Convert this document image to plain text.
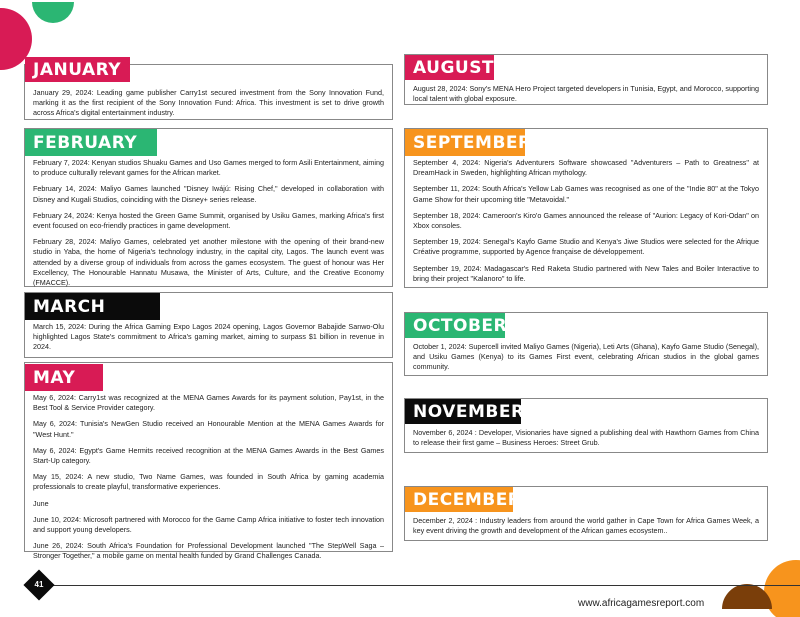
January 29, 2024: Leading game publisher Carry1st secured investment from the Sony Innovation Fund, marking it as the first recipient of the Sony Innovation Fund: Africa. This investment is set to drive growth across Africa's digital entertainment industry.

JANUARY

February 7, 2024: Kenyan studios Shuaku Games and Uso Games merged to form Asili Entertainment, aiming to produce culturally relevant games for the African market.

February 14, 2024: Maliyo Games launched "Disney Iwájú: Rising Chef," developed in collaboration with Disney and Kugali Studios, coinciding with the Disney+ series release.

February 24, 2024: Kenya hosted the Green Game Summit, organised by Usiku Games, marking Africa's first event focused on eco-friendly practices in game development.

February 28, 2024: Maliyo Games, celebrated yet another milestone with the opening of their brand-new studio in Yaba, the home of Nigeria's technology industry, in the capital city, Lagos. The launch event was attended by a diverse group of individuals from across the games ecosystem. The guest of honour was Her Excellency, The Honourable Hannatu Musawa, the Minister of Arts, Culture, and the Creative Economy (FMACCE).

FEBRUARY

March 15, 2024: During the Africa Gaming Expo Lagos 2024 opening, Lagos Governor Babajide Sanwo-Olu highlighted Lagos State's commitment to Africa's gaming market, aiming to surpass $1 billion in revenue in 2024.

MARCH

May 6, 2024: Carry1st was recognized at the MENA Games Awards for its payment solution, Pay1st, in the Best Tool & Service Provider category.

May 6, 2024: Tunisia's NewGen Studio received an Honourable Mention at the MENA Games Awards for "West Hunt."

May 6, 2024: Egypt's Game Hermits received recognition at the MENA Games Awards in the Best Games Start-Up category.

May 15, 2024: A new studio, Two Name Games, was founded in South Africa by gaming academia professionals to create playful, transformative experiences.

June

June 10, 2024: Microsoft partnered with Morocco for the Game Camp Africa initiative to foster tech innovation and support young developers.

June 26, 2024: South Africa's Foundation for Professional Development launched "The StepWell Saga – Stronger Together," a mobile game on mental health funded by Grand Challenges Canada.

MAY

August 28, 2024: Sony's MENA Hero Project targeted developers in Tunisia, Egypt, and Morocco, supporting local talent with global exposure.

AUGUST

September 4, 2024: Nigeria's Adventurers Software showcased "Adventurers – Path to Greatness" at DreamHack in Sweden, highlighting African mythology.

September 11, 2024: South Africa's Yellow Lab Games was recognised as one of the "Indie 80" at the Tokyo Game Show for their upcoming title "Metavoidal."

September 18, 2024: Cameroon's Kiro'o Games announced the release of "Aurion: Legacy of Kori-Odan" on Xbox consoles.

September 19, 2024: Senegal's Kayfo Game Studio and Kenya's Jiwe Studios were selected for the Afrique Créative programme, supported by Agence française de développement.

September 19, 2024: Madagascar's Red Raketa Studio partnered with New Tales and Boiler Interactive to bring their project "Kalanoro" to life.

SEPTEMBER

October 1, 2024: Supercell invited Maliyo Games (Nigeria), Leti Arts (Ghana), Kayfo Game Studio (Senegal), and Usiku Games (Kenya) to its Games First event, celebrating African studios in the global games community.

OCTOBER

November 6, 2024 : Developer, Visionaries have signed a publishing deal with Hawthorn Games from China to release their first game – Business Heroes: Street Grub.

NOVEMBER

December 2, 2024 : Industry leaders from around the world gather in Cape Town for Africa Games Week, a key event driving the growth and development of the African games ecosystem..

DECEMBER
41
www.africagamesreport.com
